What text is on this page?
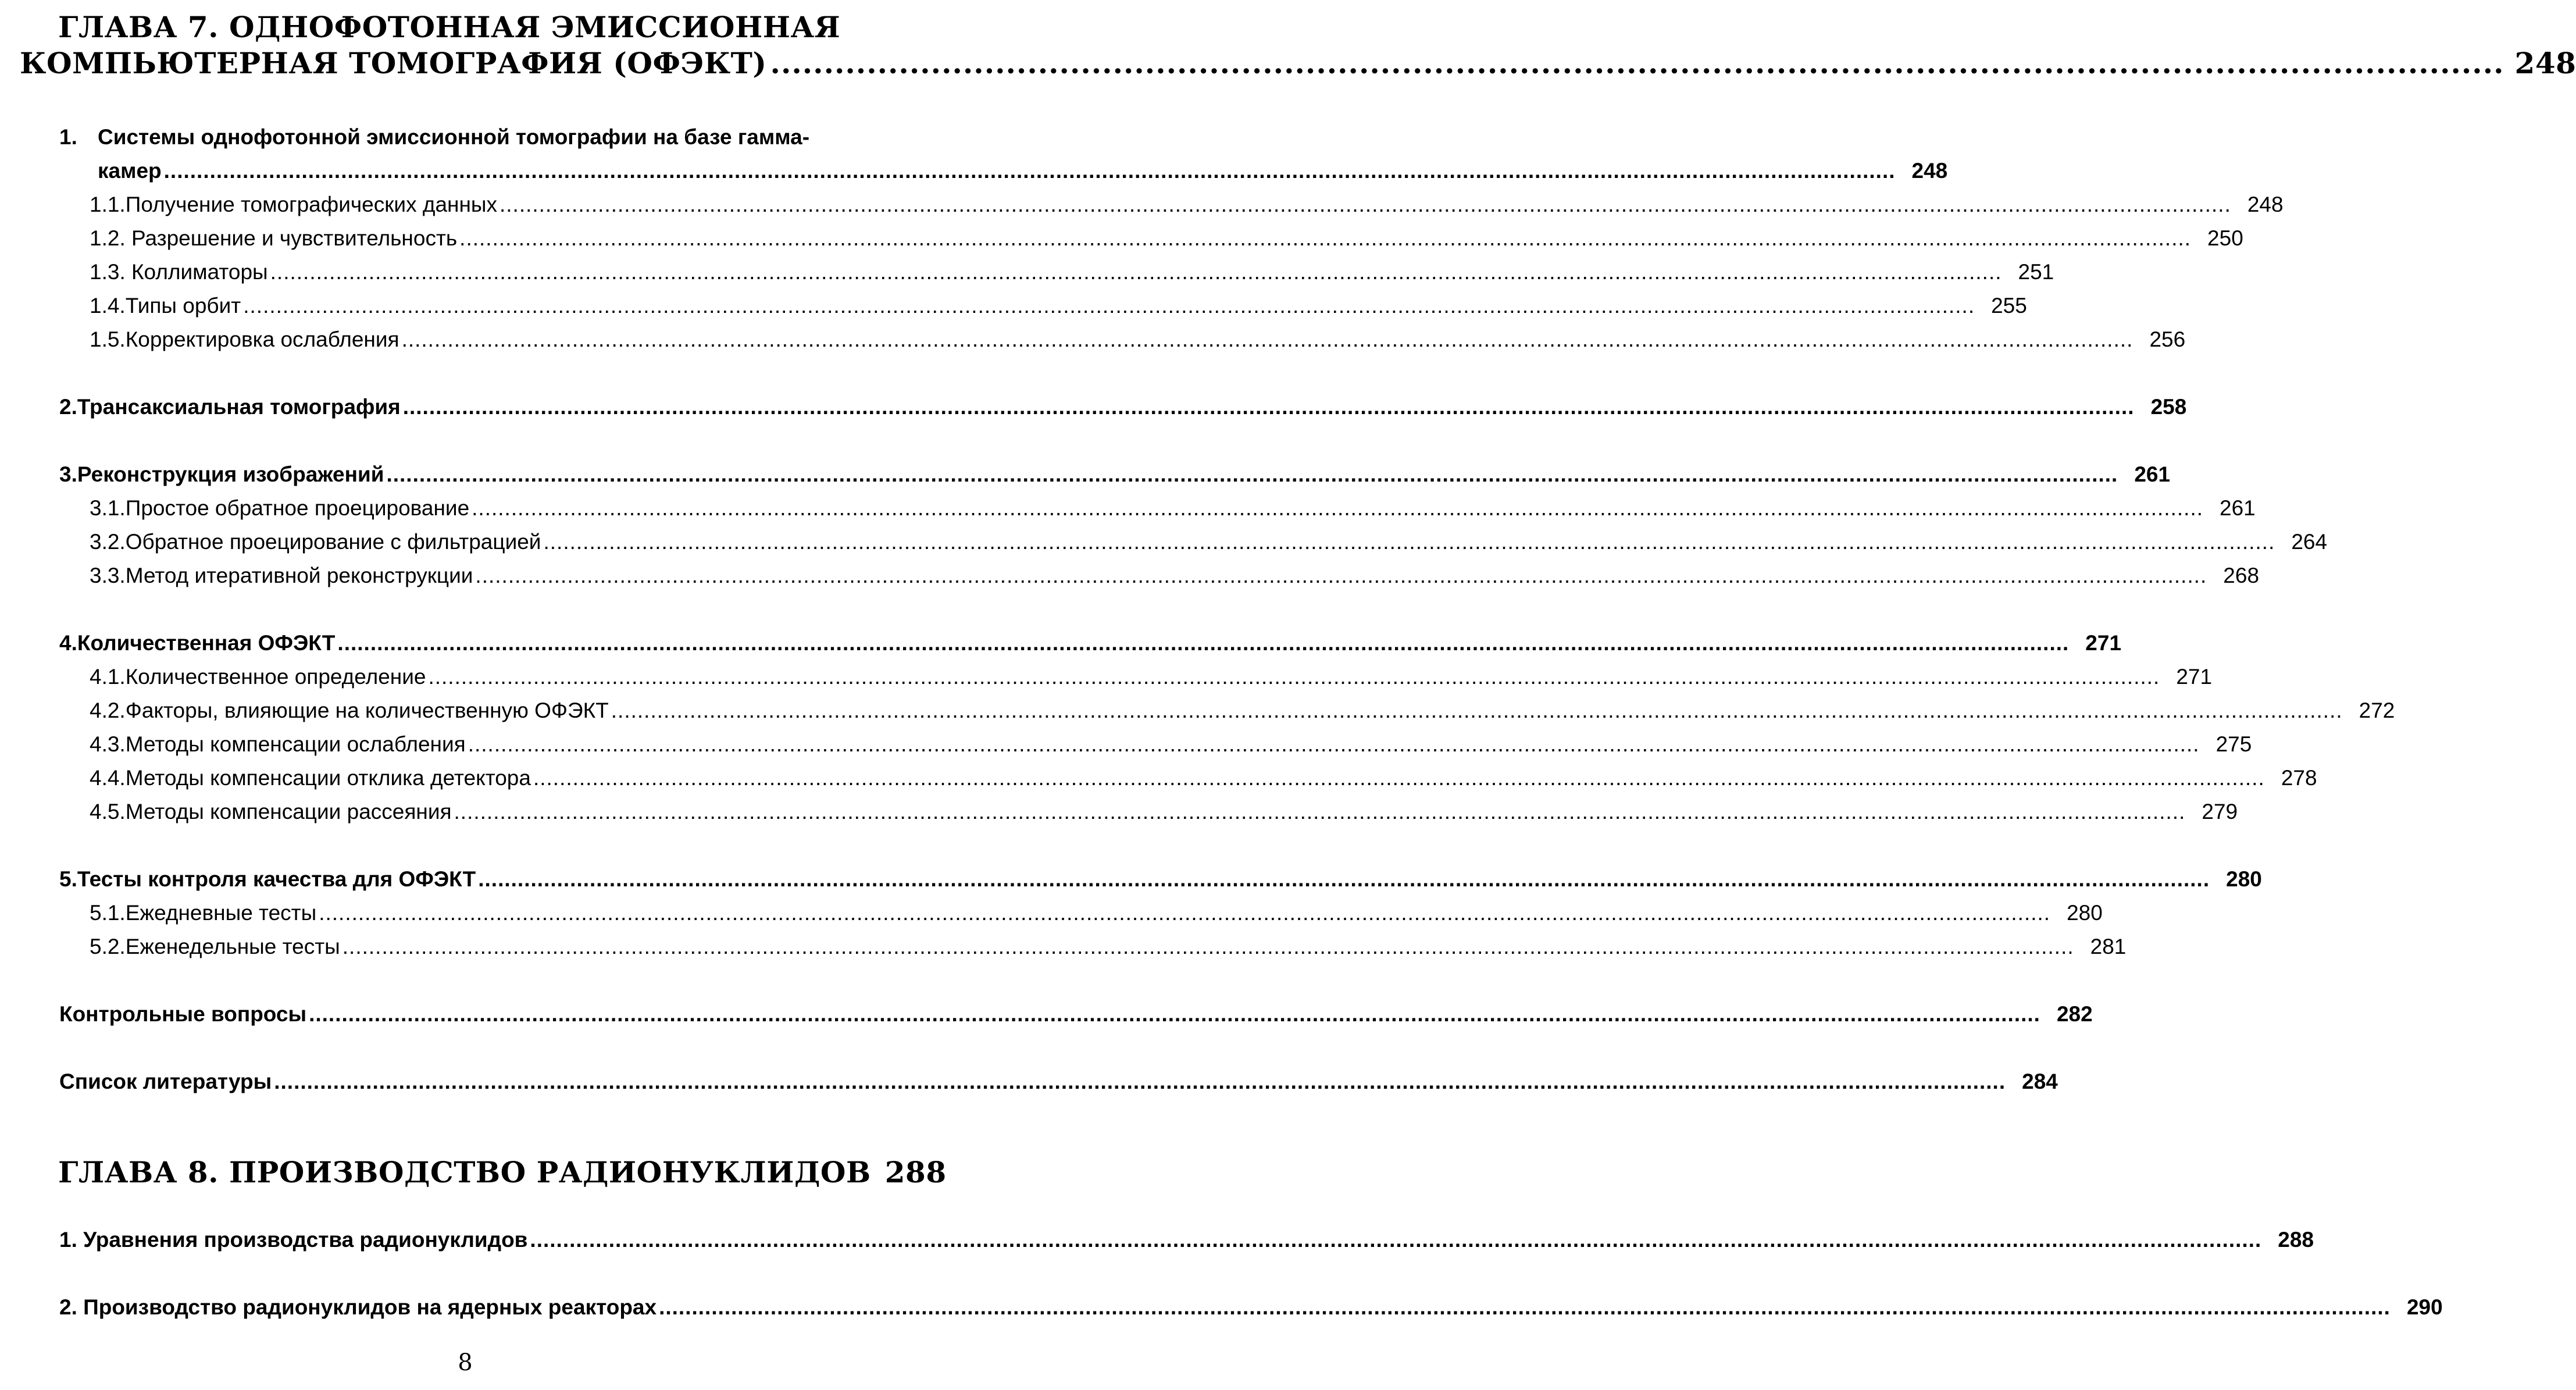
ГЛАВА 7. ОДНОФОТОННАЯ ЭМИССИОННАЯ
КОМПЬЮТЕРНАЯ ТОМОГРАФИЯ (ОФЭКТ) .....	248
1. Системы однофотонной эмиссионной томографии на базе гамма-
камер .....	248
1.1. Получение томографических данных .....	248
1.2 . Разрешение и чувствительность .....	250
1.3 . Коллиматоры .....	251
1.4. Типы орбит .....	255
1.5. Корректировка ослабления .....	256
2. Трансаксиальная томография .....	258
3. Реконструкция изображений .....	261
3.1. Простое обратное проецирование .....	261
3.2. Обратное проецирование с фильтрацией .....	264
3.3. Метод итеративной реконструкции .....	268
4. Количественная ОФЭКТ .....	271
4.1. Количественное определение .....	271
4.2. Факторы, влияющие на количественную ОФЭКТ .....	272
4.3. Методы компенсации ослабления .....	275
4.4. Методы компенсации отклика детектора .....	278
4.5. Методы компенсации рассеяния .....	279
5. Тесты контроля качества для ОФЭКТ .....	280
5.1. Ежедневные тесты .....	280
5.2. Еженедельные тесты .....	281
Контрольные вопросы .....	282
Список литературы .....	284
ГЛАВА 8. ПРОИЗВОДСТВО РАДИОНУКЛИДОВ 288
1. Уравнения производства радионуклидов .....	288
2. Производство радионуклидов на ядерных реакторах .....	290
8
